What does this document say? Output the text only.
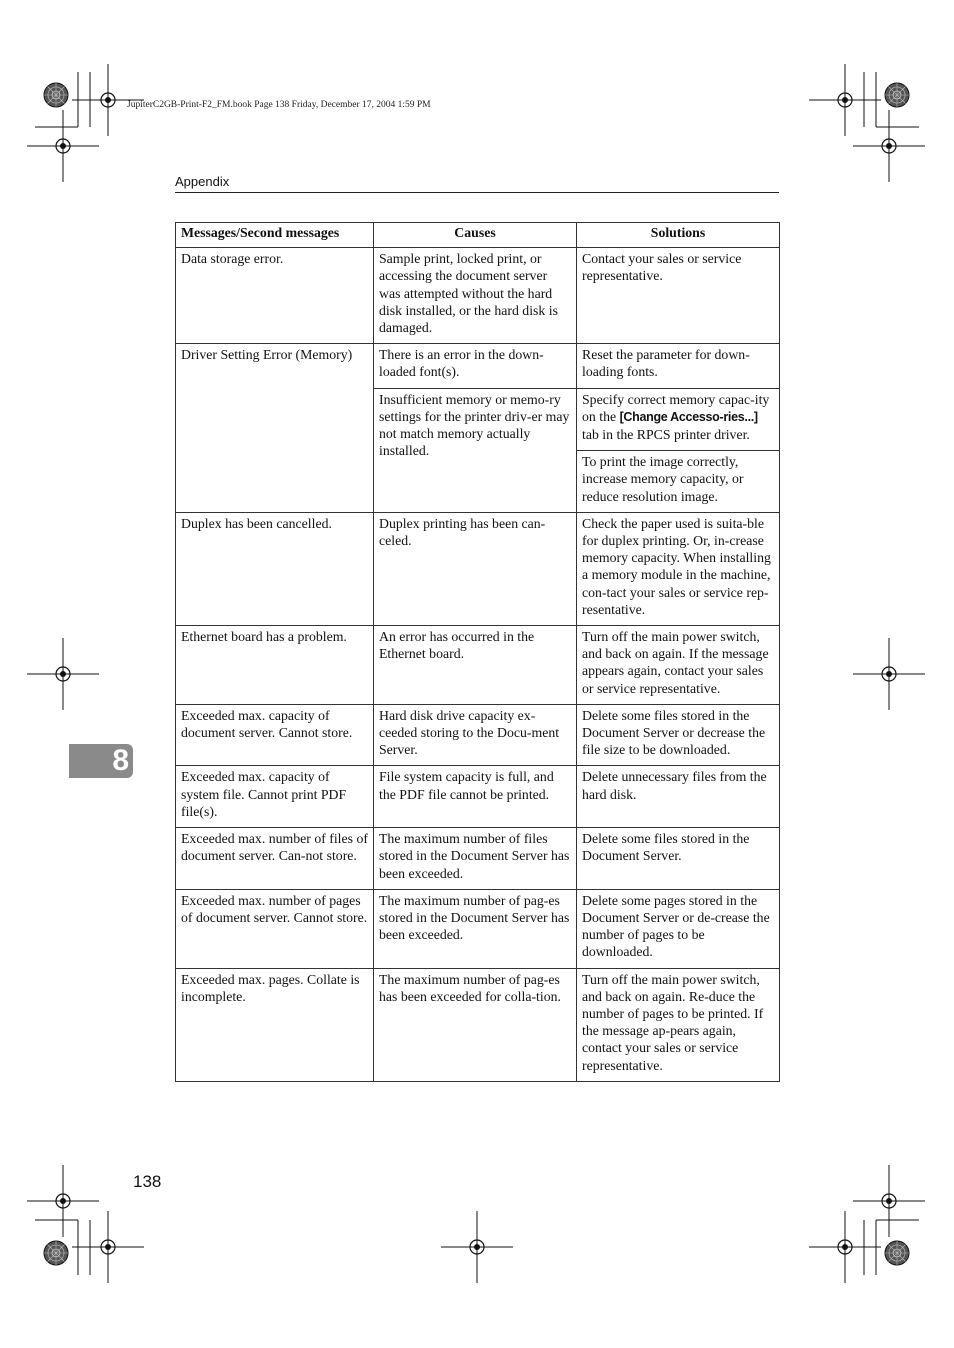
JupiterC2GB-Print-F2_FM.book Page 138 Friday, December 17, 2004 1:59 PM
Appendix
Messages/Second messages	Causes	Solutions
Data storage error.	Sample print, locked print, or accessing the document server was attempted without the hard disk installed, or the hard disk is damaged.	Contact your sales or service representative.
Driver Setting Error (Memory)	There is an error in the down-loaded font(s).	Reset the parameter for down-loading fonts.
	Insufficient memory or memo-ry settings for the printer driv-er may not match memory actually installed.	Specify correct memory capac-ity on the [Change Accesso-ries...] tab in the RPCS printer driver.
		To print the image correctly, increase memory capacity, or reduce resolution image.
Duplex has been cancelled.	Duplex printing has been can-celed.	Check the paper used is suita-ble for duplex printing. Or, in-crease memory capacity. When installing a memory module in the machine, con-tact your sales or service rep-resentative.
Ethernet board has a problem.	An error has occurred in the Ethernet board.	Turn off the main power switch, and back on again. If the message appears again, contact your sales or service representative.
Exceeded max. capacity of document server. Cannot store.	Hard disk drive capacity ex-ceeded storing to the Docu-ment Server.	Delete some files stored in the Document Server or decrease the file size to be downloaded.
Exceeded max. capacity of system file. Cannot print PDF file(s).	File system capacity is full, and the PDF file cannot be printed.	Delete unnecessary files from the hard disk.
Exceeded max. number of files of document server. Can-not store.	The maximum number of files stored in the Document Server has been exceeded.	Delete some files stored in the Document Server.
Exceeded max. number of pages of document server. Cannot store.	The maximum number of pag-es stored in the Document Server has been exceeded.	Delete some pages stored in the Document Server or de-crease the number of pages to be downloaded.
Exceeded max. pages. Collate is incomplete.	The maximum number of pag-es has been exceeded for colla-tion.	Turn off the main power switch, and back on again. Re-duce the number of pages to be printed. If the message ap-pears again, contact your sales or service representative.
8
138
